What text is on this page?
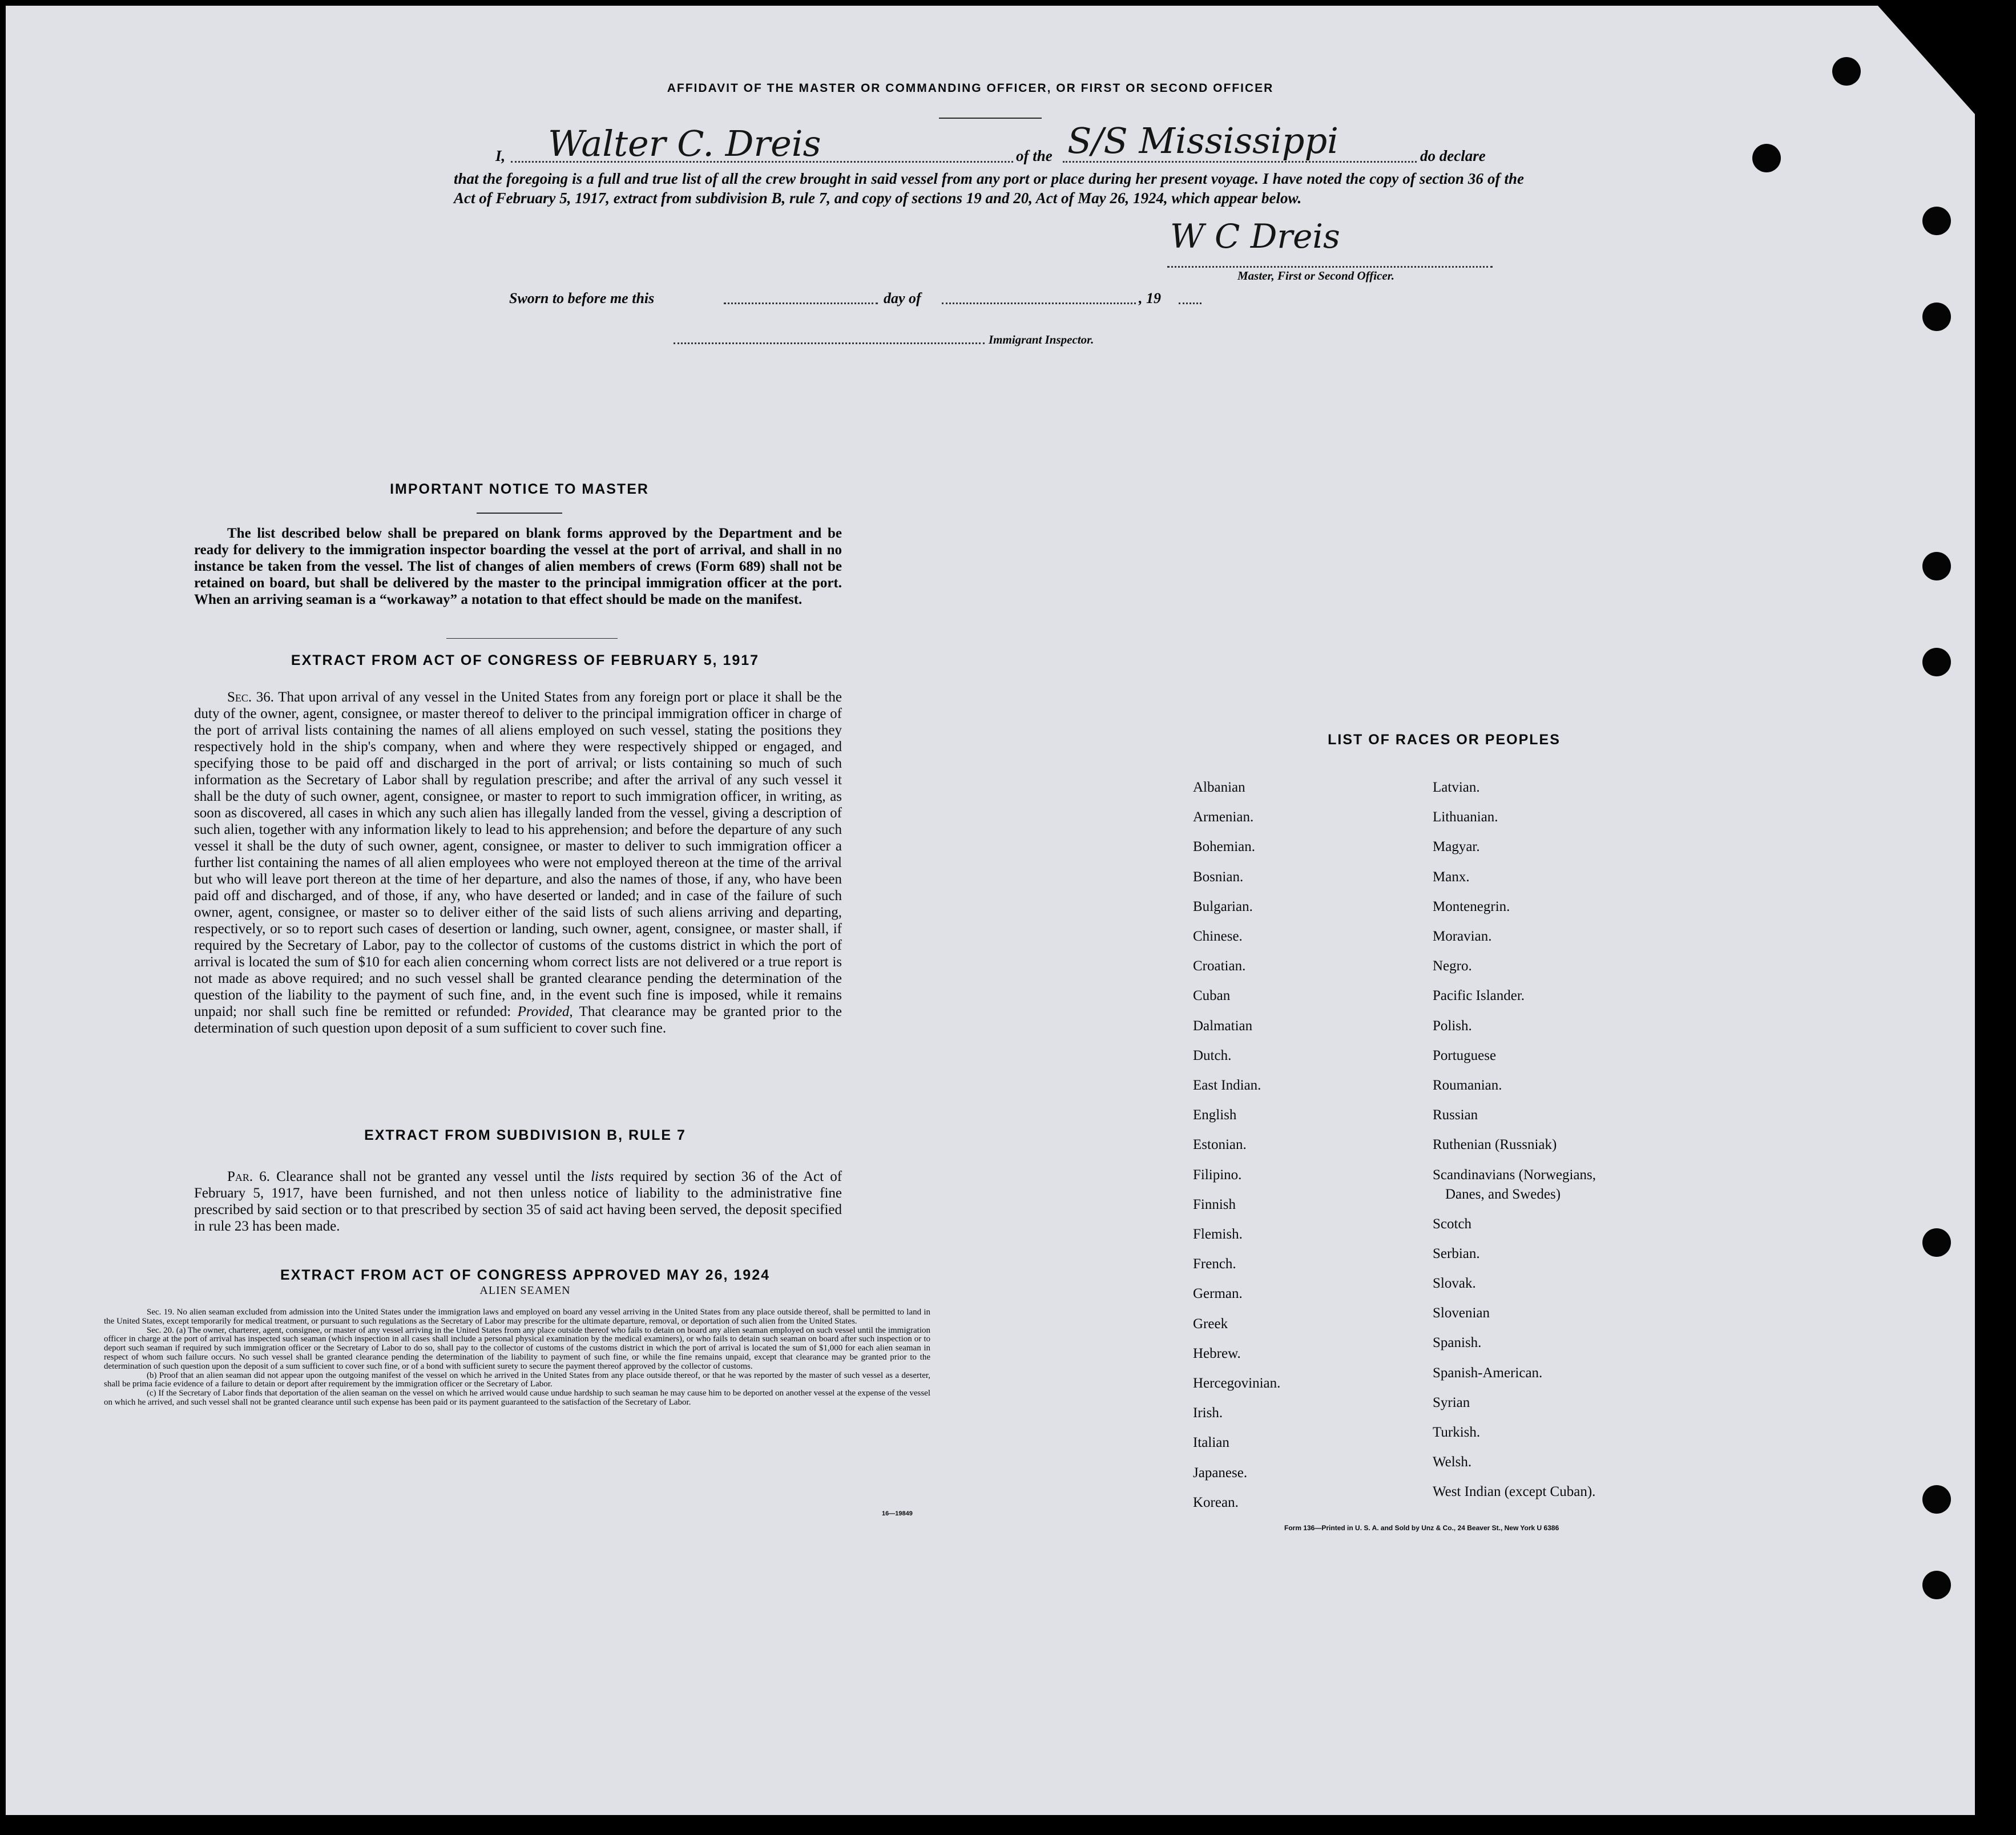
AFFIDAVIT OF THE MASTER OR COMMANDING OFFICER, OR FIRST OR SECOND OFFICER
I, Walter C. Dreis	of the S/S Mississippi	do declare
that the foregoing is a full and true list of all the crew brought in said vessel from any port or place during her present voyage. I have noted the copy of section 36 of the Act of February 5, 1917, extract from subdivision B, rule 7, and copy of sections 19 and 20, Act of May 26, 1924, which appear below.
W C Dreis
Master, First or Second Officer.
Sworn to before me this	day of	, 19
Immigrant Inspector.
IMPORTANT NOTICE TO MASTER
The list described below shall be prepared on blank forms approved by the Department and be ready for delivery to the immigration inspector boarding the vessel at the port of arrival, and shall in no instance be taken from the vessel. The list of changes of alien members of crews (Form 689) shall not be retained on board, but shall be delivered by the master to the principal immigration officer at the port. When an arriving seaman is a “workaway” a notation to that effect should be made on the manifest.
EXTRACT FROM ACT OF CONGRESS OF FEBRUARY 5, 1917
Sec. 36. That upon arrival of any vessel in the United States from any foreign port or place it shall be the duty of the owner, agent, consignee, or master thereof to deliver to the principal immigration officer in charge of the port of arrival lists containing the names of all aliens employed on such vessel, stating the positions they respectively hold in the ship's company, when and where they were respectively shipped or engaged, and specifying those to be paid off and discharged in the port of arrival; or lists containing so much of such information as the Secretary of Labor shall by regulation prescribe; and after the arrival of any such vessel it shall be the duty of such owner, agent, consignee, or master to report to such immigration officer, in writing, as soon as discovered, all cases in which any such alien has illegally landed from the vessel, giving a description of such alien, together with any information likely to lead to his apprehension; and before the departure of any such vessel it shall be the duty of such owner, agent, consignee, or master to deliver to such immigration officer a further list containing the names of all alien employees who were not employed thereon at the time of the arrival but who will leave port thereon at the time of her departure, and also the names of those, if any, who have been paid off and discharged, and of those, if any, who have deserted or landed; and in case of the failure of such owner, agent, consignee, or master so to deliver either of the said lists of such aliens arriving and departing, respectively, or so to report such cases of desertion or landing, such owner, agent, consignee, or master shall, if required by the Secretary of Labor, pay to the collector of customs of the customs district in which the port of arrival is located the sum of $10 for each alien concerning whom correct lists are not delivered or a true report is not made as above required; and no such vessel shall be granted clearance pending the determination of the question of the liability to the payment of such fine, and, in the event such fine is imposed, while it remains unpaid; nor shall such fine be remitted or refunded: Provided, That clearance may be granted prior to the determination of such question upon deposit of a sum sufficient to cover such fine.
EXTRACT FROM SUBDIVISION B, RULE 7
Par. 6. Clearance shall not be granted any vessel until the lists required by section 36 of the Act of February 5, 1917, have been furnished, and not then unless notice of liability to the administrative fine prescribed by said section or to that prescribed by section 35 of said act having been served, the deposit specified in rule 23 has been made.
EXTRACT FROM ACT OF CONGRESS APPROVED MAY 26, 1924
ALIEN SEAMEN
Sec. 19. No alien seaman excluded from admission into the United States under the immigration laws and employed on board any vessel arriving in the United States from any place outside thereof, shall be permitted to land in the United States, except temporarily for medical treatment, or pursuant to such regulations as the Secretary of Labor may prescribe for the ultimate departure, removal, or deportation of such alien from the United States.
Sec. 20. (a) The owner, charterer, agent, consignee, or master of any vessel arriving in the United States from any place outside thereof who fails to detain on board any alien seaman employed on such vessel until the immigration officer in charge at the port of arrival has inspected such seaman (which inspection in all cases shall include a personal physical examination by the medical examiners), or who fails to detain such seaman on board after such inspection or to deport such seaman if required by such immigration officer or the Secretary of Labor to do so, shall pay to the collector of customs of the customs district in which the port of arrival is located the sum of $1,000 for each alien seaman in respect of whom such failure occurs. No such vessel shall be granted clearance pending the determination of the liability to payment of such fine, or while the fine remains unpaid, except that clearance may be granted prior to the determination of such question upon the deposit of a sum sufficient to cover such fine, or of a bond with sufficient surety to secure the payment thereof approved by the collector of customs.
(b) Proof that an alien seaman did not appear upon the outgoing manifest of the vessel on which he arrived in the United States from any place outside thereof, or that he was reported by the master of such vessel as a deserter, shall be prima facie evidence of a failure to detain or deport after requirement by the immigration officer or the Secretary of Labor.
(c) If the Secretary of Labor finds that deportation of the alien seaman on the vessel on which he arrived would cause undue hardship to such seaman he may cause him to be deported on another vessel at the expense of the vessel on which he arrived, and such vessel shall not be granted clearance until such expense has been paid or its payment guaranteed to the satisfaction of the Secretary of Labor.
16—19849
LIST OF RACES OR PEOPLES
Albanian
Armenian.
Bohemian.
Bosnian.
Bulgarian.
Chinese.
Croatian.
Cuban
Dalmatian
Dutch.
East Indian.
English
Estonian.
Filipino.
Finnish
Flemish.
French.
German.
Greek
Hebrew.
Hercegovinian.
Irish.
Italian
Japanese.
Korean.
Latvian.
Lithuanian.
Magyar.
Manx.
Montenegrin.
Moravian.
Negro.
Pacific Islander.
Polish.
Portuguese
Roumanian.
Russian
Ruthenian (Russniak)
Scandinavians (Norwegians,
Danes, and Swedes)
Scotch
Serbian.
Slovak.
Slovenian
Spanish.
Spanish-American.
Syrian
Turkish.
Welsh.
West Indian (except Cuban).
Form 136—Printed in U. S. A. and Sold by Unz & Co., 24 Beaver St., New York U 6386
